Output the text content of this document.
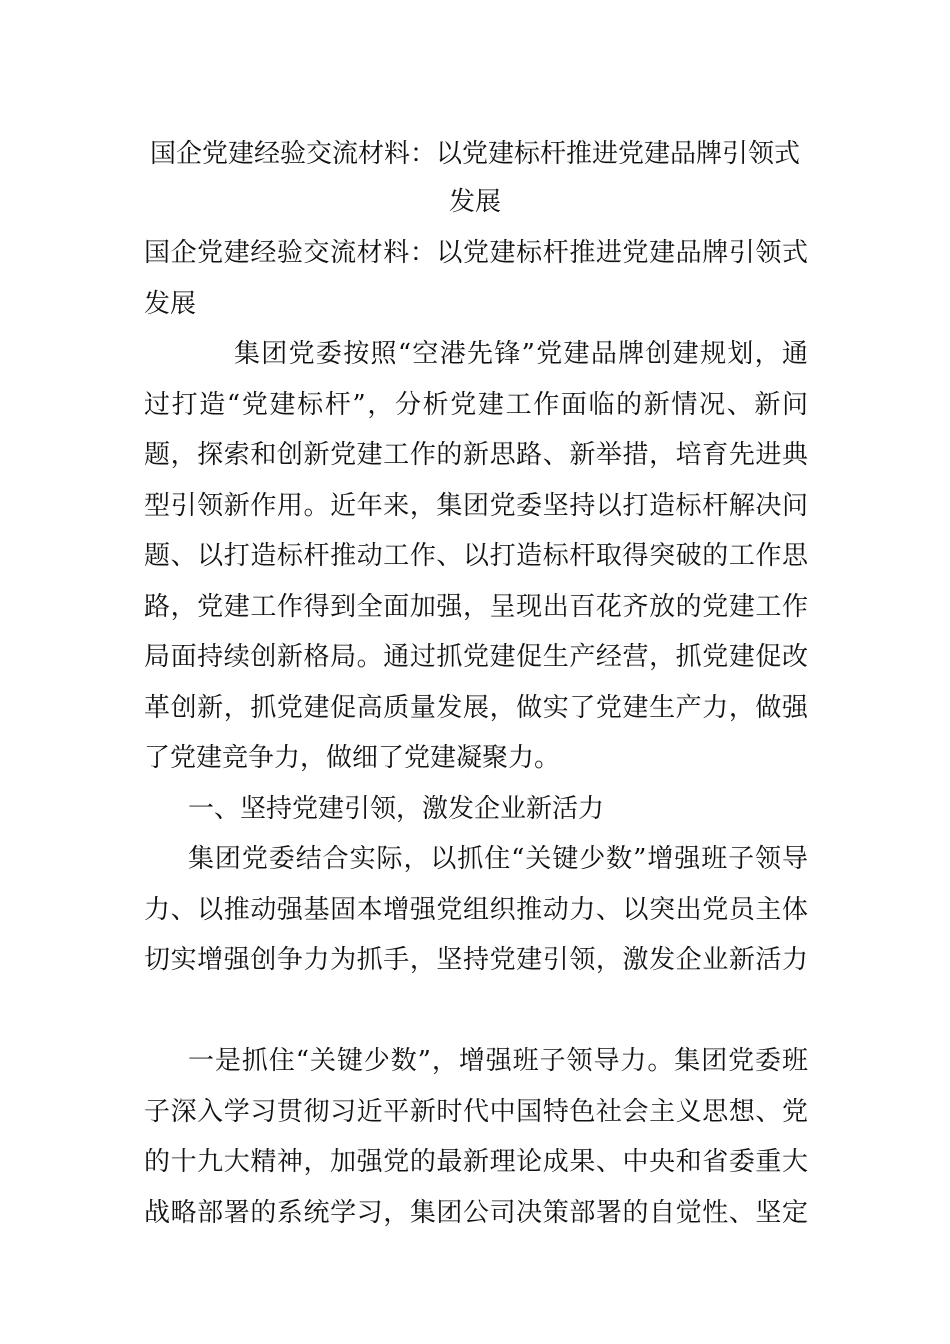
国企党建经验交流材料：以党建标杆推进党建品牌引领式
发展
国企党建经验交流材料：以党建标杆推进党建品牌引领式
发展
集团党委按照“空港先锋”党建品牌创建规划，通
过打造“党建标杆”，分析党建工作面临的新情况、新问
题，探索和创新党建工作的新思路、新举措，培育先进典
型引领新作用。近年来，集团党委坚持以打造标杆解决问
题、以打造标杆推动工作、以打造标杆取得突破的工作思
路，党建工作得到全面加强，呈现出百花齐放的党建工作
局面持续创新格局。通过抓党建促生产经营，抓党建促改
革创新，抓党建促高质量发展，做实了党建生产力，做强
了党建竞争力，做细了党建凝聚力。
一、坚持党建引领，激发企业新活力
集团党委结合实际，以抓住“关键少数”增强班子领导
力、以推动强基固本增强党组织推动力、以突出党员主体
切实增强创争力为抓手，坚持党建引领，激发企业新活力
一是抓住“关键少数”，增强班子领导力。集团党委班
子深入学习贯彻习近平新时代中国特色社会主义思想、党
的十九大精神，加强党的最新理论成果、中央和省委重大
战略部署的系统学习，集团公司决策部署的自觉性、坚定
